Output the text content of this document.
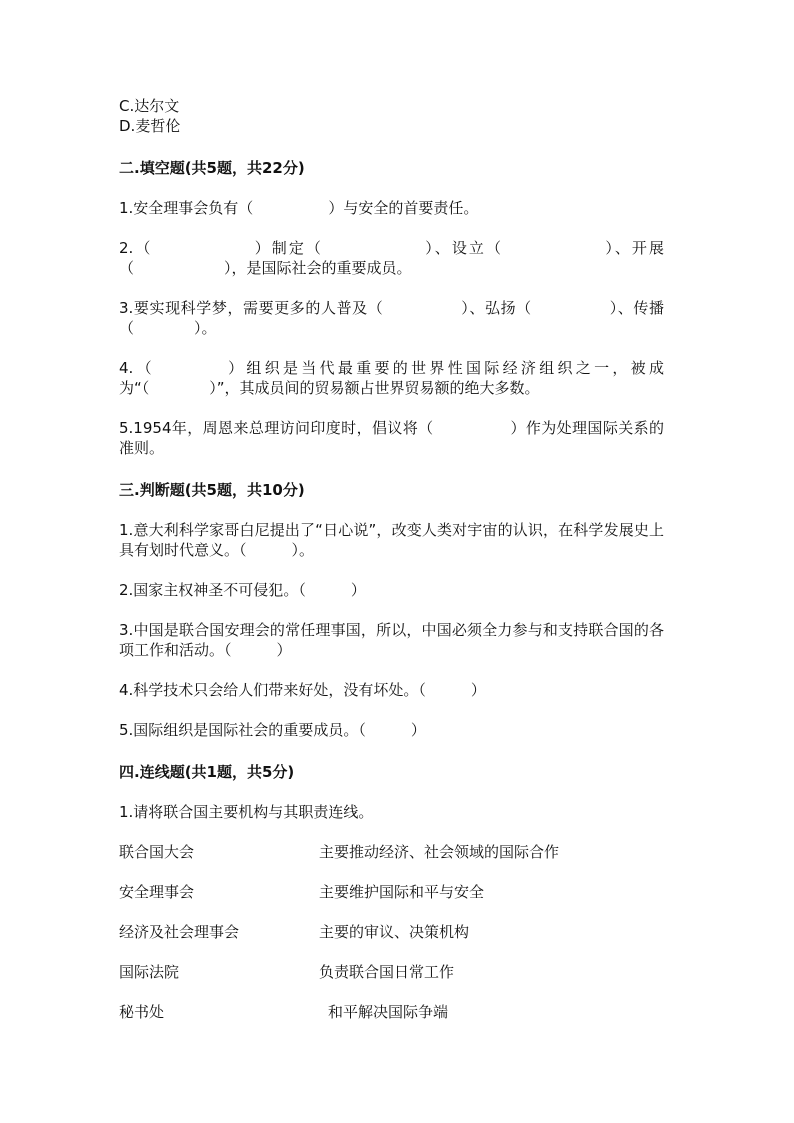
C.达尔文

D.麦哲伦

二.填空题(共5题，共22分)

1.安全理事会负有（　　　　　）与安全的首要责任。

2.（　　　　　　）制定（　　　　　　）、设立（　　　　　　）、开展（　　　　　　），是国际社会的重要成员。

3.要实现科学梦，需要更多的人普及（　　　　　）、弘扬（　　　　　）、传播（　　　　）。

4.（　　　　）组织是当代最重要的世界性国际经济组织之一，被成为“（　　　　）”，其成员间的贸易额占世界贸易额的绝大多数。

5.1954年，周恩来总理访问印度时，倡议将（　　　　　）作为处理国际关系的准则。

三.判断题(共5题，共10分)

1.意大利科学家哥白尼提出了“日心说”，改变人类对宇宙的认识，在科学发展史上具有划时代意义。（　　　）。

2.国家主权神圣不可侵犯。（　　　）

3.中国是联合国安理会的常任理事国，所以，中国必须全力参与和支持联合国的各项工作和活动。（　　　）

4.科学技术只会给人们带来好处，没有坏处。（　　　）

5.国际组织是国际社会的重要成员。（　　　）

四.连线题(共1题，共5分)

1.请将联合国主要机构与其职责连线。

联合国大会	主要推动经济、社会领域的国际合作
安全理事会	主要维护国际和平与安全
经济及社会理事会	主要的审议、决策机构
国际法院	负责联合国日常工作
秘书处	和平解决国际争端
